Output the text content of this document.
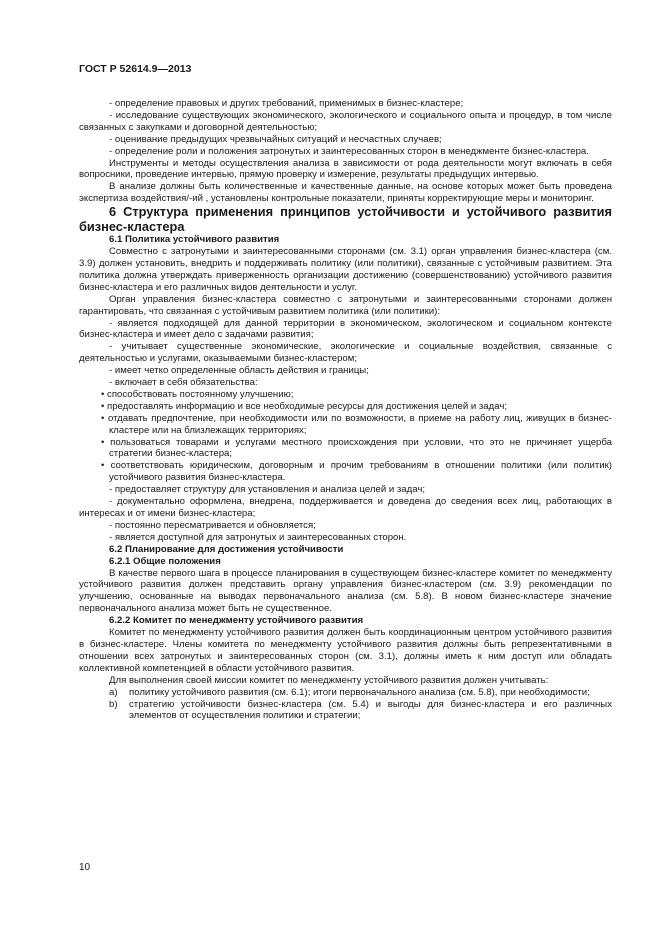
ГОСТ Р 52614.9—2013

- определение правовых и других требований, применимых в бизнес-кластере;

- исследование существующих экономического, экологического и социального опыта и процедур, в том числе связанных с закупками и договорной деятельностью;

- оценивание предыдущих чрезвычайных ситуаций и несчастных случаев;

- определение роли и положения затронутых и заинтересованных сторон в менеджменте бизнес-кластера.

Инструменты и методы осуществления анализа в зависимости от рода деятельности могут включать в себя вопросники, проведение интервью, прямую проверку и измерение, результаты предыдущих интервью.

В анализе должны быть количественные и качественные данные, на основе которых может быть проведена экспертиза воздействия/-ий , установлены контрольные показатели, приняты корректирующие меры и мониторинг.

6 Структура применения принципов устойчивости и устойчивого развития бизнес-кластера

6.1 Политика устойчивого развития

Совместно с затронутыми и заинтересованными сторонами (см. 3.1) орган управления бизнес-кластера (см. 3.9) должен установить, внедрить и поддерживать политику (или политики), связанные с устойчивым развитием. Эта политика должна утверждать приверженность организации достижению (совершенствованию) устойчивого развития бизнес-кластера и его различных видов деятельности и услуг.

Орган управления бизнес-кластера совместно с затронутыми и заинтересованными сторонами должен гарантировать, что связанная с устойчивым развитием политика (или политики):

- является подходящей для данной территории в экономическом, экологическом и социальном контексте бизнес-кластера и имеет дело с задачами развития;

- учитывает существенные экономические, экологические и социальные воздействия, связанные с деятельностью и услугами, оказываемыми бизнес-кластером;

- имеет четко определенные область действия и границы;

- включает в себя обязательства:

• способствовать постоянному улучшению;

• предоставлять информацию и все необходимые ресурсы для достижения целей и задач;

• отдавать предпочтение, при необходимости или по возможности, в приеме на работу лиц, живущих в бизнес-кластере или на близлежащих территориях;

• пользоваться товарами и услугами местного происхождения при условии, что это не причиняет ущерба стратегии бизнес-кластера;

• соответствовать юридическим, договорным и прочим требованиям в отношении политики (или политик) устойчивого развития бизнес-кластера.

- предоставляет структуру для установления и анализа целей и задач;

- документально оформлена, внедрена, поддерживается и доведена до сведения всех лиц, работающих в интересах и от имени бизнес-кластера;

- постоянно пересматривается и обновляется;

- является доступной для затронутых и заинтересованных сторон.

6.2 Планирование для достижения устойчивости

6.2.1 Общие положения

В качестве первого шага в процессе планирования в существующем бизнес-кластере комитет по менеджменту устойчивого развития должен представить органу управления бизнес-кластером (см. 3.9) рекомендации по улучшению, основанные на выводах первоначального анализа (см. 5.8). В новом бизнес-кластере значение первоначального анализа может быть не существенное.

6.2.2 Комитет по менеджменту устойчивого развития

Комитет по менеджменту устойчивого развития должен быть координационным центром устойчивого развития в бизнес-кластере. Члены комитета по менеджменту устойчивого развития должны быть репрезентативными в отношении всех затронутых и заинтересованных сторон (см. 3.1), должны иметь к ним доступ или обладать коллективной компетенцией в области устойчивого развития.

Для выполнения своей миссии комитет по менеджменту устойчивого развития должен учитывать:

a)	политику устойчивого развития (см. 6.1); итоги первоначального анализа (см. 5.8), при необходимости;
b)	стратегию устойчивости бизнес-кластера (см. 5.4) и выгоды для бизнес-кластера и его различных элементов от осуществления политики и стратегии;
10
